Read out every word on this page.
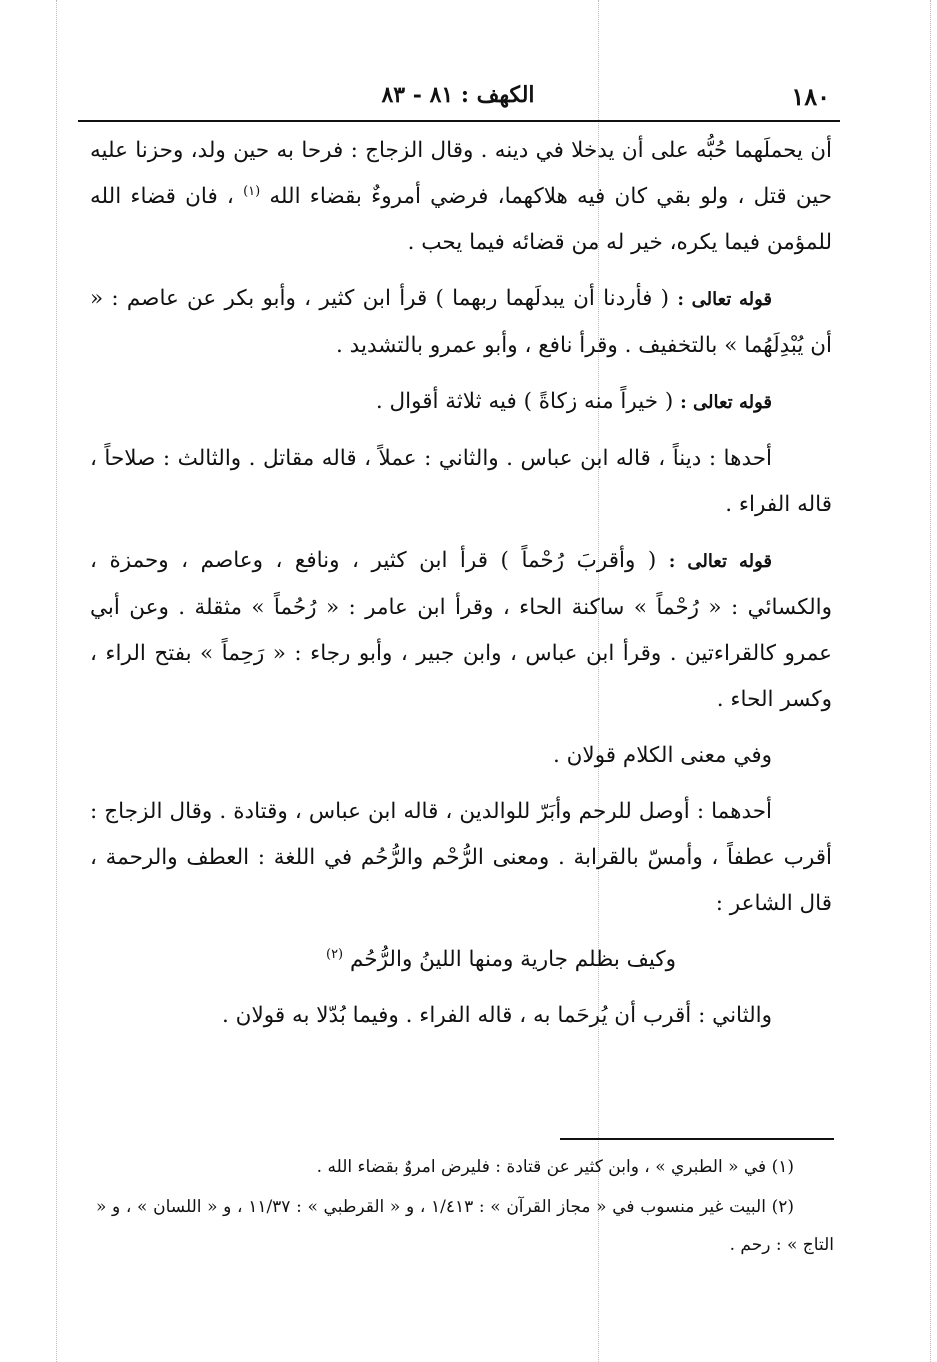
١٨٠
الكهف : ٨١ - ٨٣

أن يحملَهما حُبُّه على أن يدخلا في دينه . وقال الزجاج : فرحا به حين ولد، وحزنا عليه حين قتل ، ولو بقي كان فيه هلاكهما، فرضي أمروءٌ بقضاء الله $^{(١)}$ ، فان قضاء الله للمؤمن فيما يكره، خير له من قضائه فيما يحب .

قوله تعالى : ( فأردنا أن يبدلَهما ربهما ) قرأ ابن كثير ، وأبو بكر عن عاصم : « أن يُبْدِلَهُما » بالتخفيف . وقرأ نافع ، وأبو عمرو بالتشديد .

قوله تعالى : ( خيراً منه زكاةً ) فيه ثلاثة أقوال .

أحدها : ديناً ، قاله ابن عباس . والثاني : عملاً ، قاله مقاتل . والثالث : صلاحاً ، قاله الفراء .

قوله تعالى : ( وأقربَ رُحْماً ) قرأ ابن كثير ، ونافع ، وعاصم ، وحمزة ، والكسائي : « رُحْماً » ساكنة الحاء ، وقرأ ابن عامر : « رُحُماً » مثقلة . وعن أبي عمرو كالقراءتين . وقرأ ابن عباس ، وابن جبير ، وأبو رجاء : « رَحِماً » بفتح الراء ، وكسر الحاء .

وفي معنى الكلام قولان .

أحدهما : أوصل للرحم وأبَرّ للوالدين ، قاله ابن عباس ، وقتادة . وقال الزجاج : أقرب عطفاً ، وأمسّ بالقرابة . ومعنى الرُّحْم والرُّحُم في اللغة : العطف والرحمة ، قال الشاعر :

وكيف بظلم جارية ومنها اللينُ والرُّحُم $^{(٢)}$

والثاني : أقرب أن يُرحَما به ، قاله الفراء . وفيما بُدّلا به قولان .

(١) في « الطبري » ، وابن كثير عن قتادة : فليرض امروٌ بقضاء الله .

(٢) البيت غير منسوب في « مجاز القرآن » : ١/٤١٣ ، و « القرطبي » : ١١/٣٧ ، و « اللسان » ، و « التاج » : رحم .
